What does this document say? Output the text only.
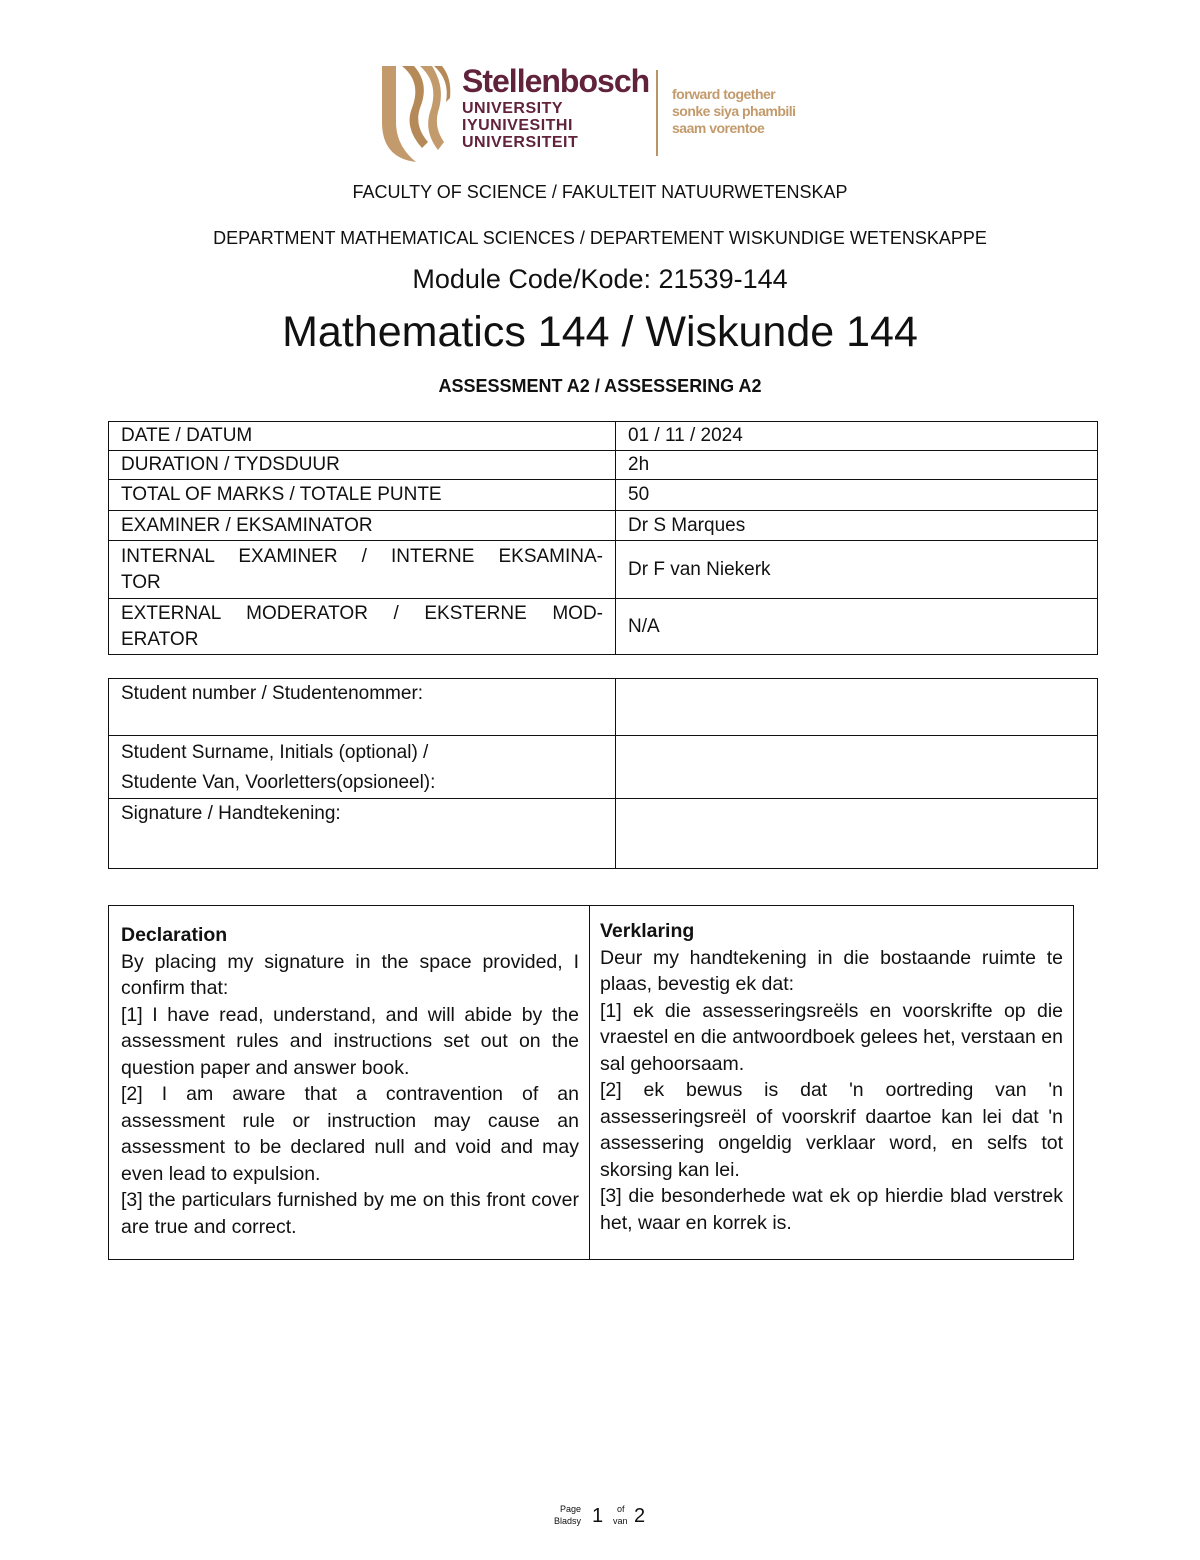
Stellenbosch
UNIVERSITY
IYUNIVESITHI
UNIVERSITEIT
forward together
sonke siya phambili
saam vorentoe
FACULTY OF SCIENCE / FAKULTEIT NATUURWETENSKAP
DEPARTMENT MATHEMATICAL SCIENCES / DEPARTEMENT WISKUNDIGE WETENSKAPPE
Module Code/Kode: 21539-144
Mathematics 144 / Wiskunde 144
ASSESSMENT A2 / ASSESSERING A2
DATE / DATUM	01 / 11 / 2024
DURATION / TYDSDUUR	2h
TOTAL OF MARKS / TOTALE PUNTE	50
EXAMINER / EKSAMINATOR	Dr S Marques

INTERNAL EXAMINER / INTERNE EKSAMINA-
TOR	Dr F van Niekerk

EXTERNAL MODERATOR / EKSTERNE MOD-
ERATOR	N/A
Student number / Studentenommer:	

Student Surname, Initials (optional) /
Studente Van, Voorletters(opsioneel):	

Signature / Handtekening:	

Declaration

By placing my signature in the space provided, I confirm that:

[1] I have read, understand, and will abide by the assessment rules and instructions set out on the question paper and answer book.

[2] I am aware that a contravention of an assessment rule or instruction may cause an assessment to be declared null and void and may even lead to expulsion.

[3] the particulars furnished by me on this front cover are true and correct.

Verklaring

Deur my handtekening in die bostaande ruimte te plaas, bevestig ek dat:

[1] ek die assesseringsreëls en voorskrifte op die vraestel en die antwoordboek gelees het, verstaan en sal gehoorsaam.

[2] ek bewus is dat 'n oortreding van 'n assesseringsreël of voorskrif daartoe kan lei dat 'n assessering ongeldig verklaar word, en selfs tot skorsing kan lei.

[3] die besonderhede wat ek op hierdie blad verstrek het, waar en korrek is.

Page
Bladsy 1 of
van 2
